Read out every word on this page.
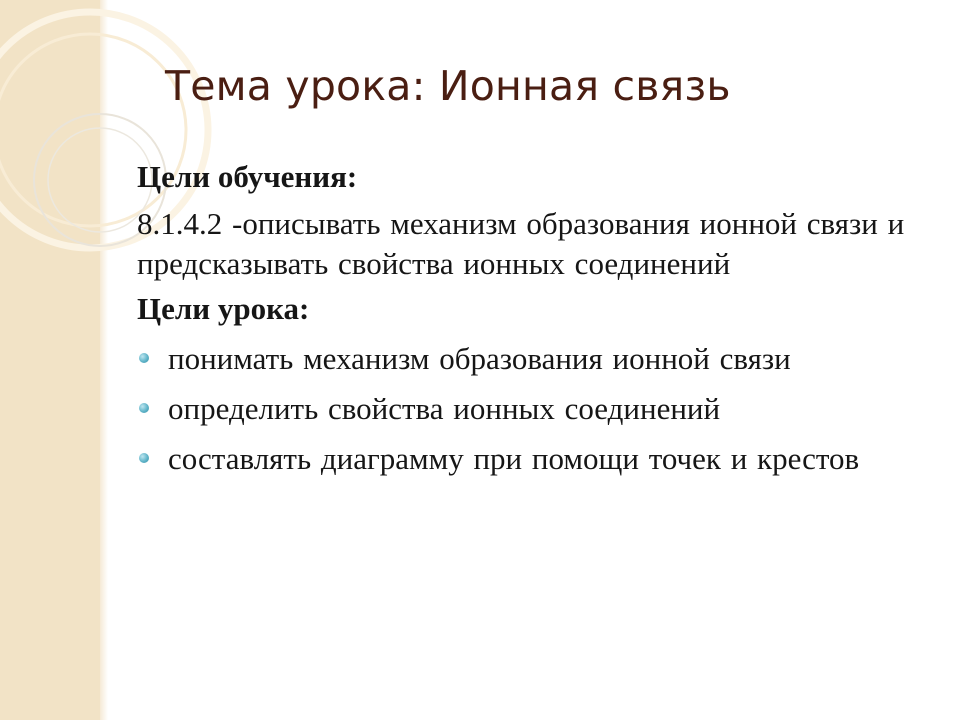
Тема урока: Ионная связь

Цели обучения:

8.1.4.2 -описывать механизм образования ионной связи и предсказывать свойства ионных соединений

Цели урока:

понимать механизм образования ионной связи
определить свойства ионных соединений
составлять диаграмму при помощи точек и крестов
